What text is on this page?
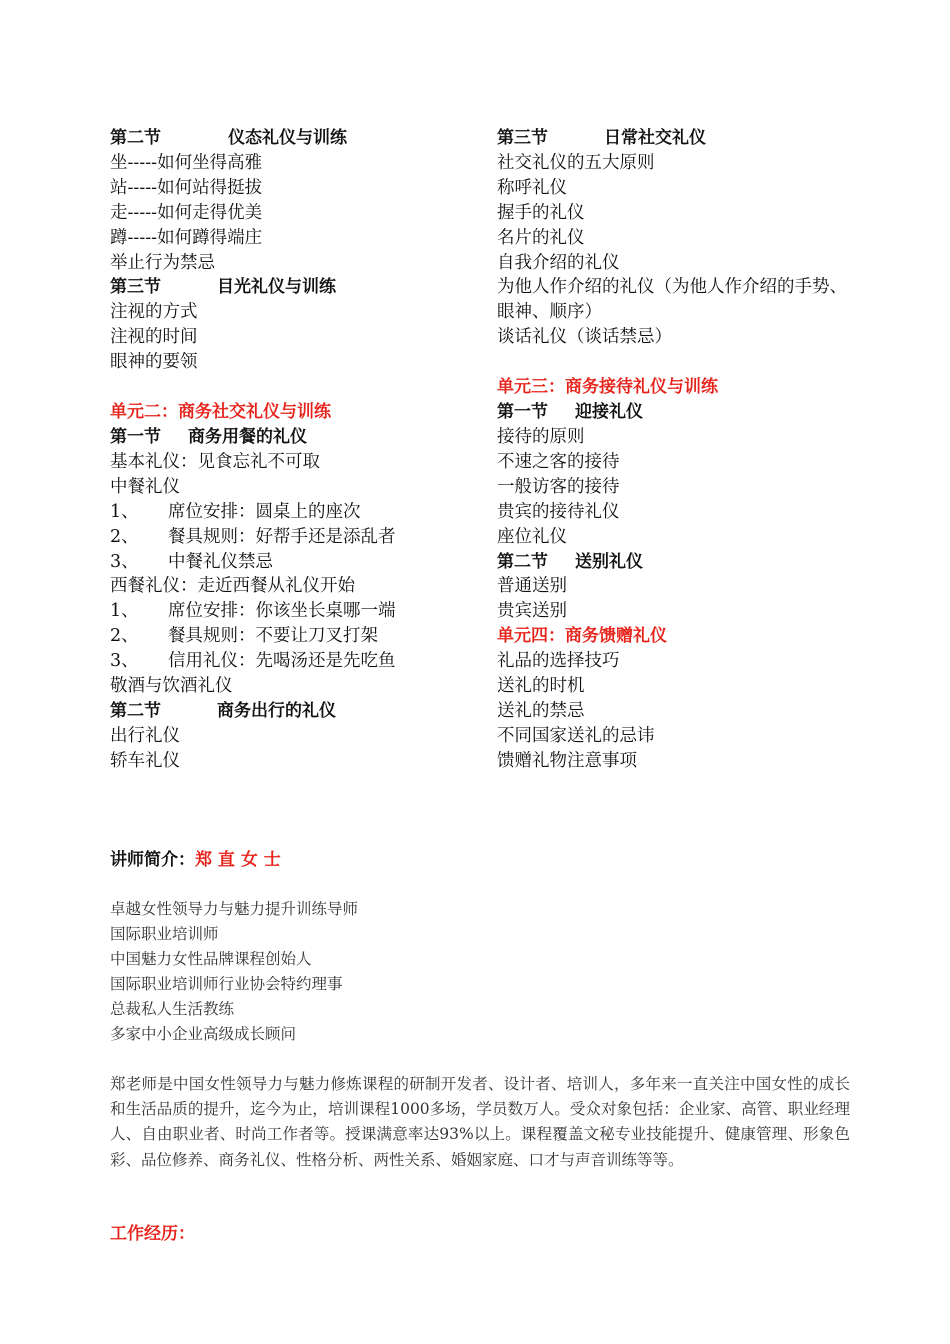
第二节	仪态礼仪与训练
坐-----如何坐得高雅
站-----如何站得挺拔
走-----如何走得优美
蹲-----如何蹲得端庄
举止行为禁忌
第三节	目光礼仪与训练
注视的方式
注视的时间
眼神的要领
单元二：商务社交礼仪与训练
第一节 商务用餐的礼仪
基本礼仪：见食忘礼不可取
中餐礼仪
1、 席位安排：圆桌上的座次
2、 餐具规则：好帮手还是添乱者
3、 中餐礼仪禁忌
西餐礼仪：走近西餐从礼仪开始
1、 席位安排：你该坐长桌哪一端
2、 餐具规则：不要让刀叉打架
3、 信用礼仪：先喝汤还是先吃鱼
敬酒与饮酒礼仪
第二节	商务出行的礼仪
出行礼仪
轿车礼仪
第三节	日常社交礼仪
社交礼仪的五大原则
称呼礼仪
握手的礼仪
名片的礼仪
自我介绍的礼仪
为他人作介绍的礼仪（为他人作介绍的手势、眼神、顺序）
谈话礼仪（谈话禁忌）
单元三：商务接待礼仪与训练
第一节 迎接礼仪
接待的原则
不速之客的接待
一般访客的接待
贵宾的接待礼仪
座位礼仪
第二节 送别礼仪
普通送别
贵宾送别
单元四：商务馈赠礼仪
礼品的选择技巧
送礼的时机
送礼的禁忌
不同国家送礼的忌讳
馈赠礼物注意事项
讲师简介：郑 直 女 士
卓越女性领导力与魅力提升训练导师
国际职业培训师
中国魅力女性品牌课程创始人
国际职业培训师行业协会特约理事
总裁私人生活教练
多家中小企业高级成长顾问
郑老师是中国女性领导力与魅力修炼课程的研制开发者、设计者、培训人，多年来一直关注中国女性的成长和生活品质的提升，迄今为止，培训课程1000多场，学员数万人。受众对象包括：企业家、高管、职业经理人、自由职业者、时尚工作者等。授课满意率达93%以上。课程覆盖文秘专业技能提升、健康管理、形象色彩、品位修养、商务礼仪、性格分析、两性关系、婚姻家庭、口才与声音训练等等。
工作经历：
